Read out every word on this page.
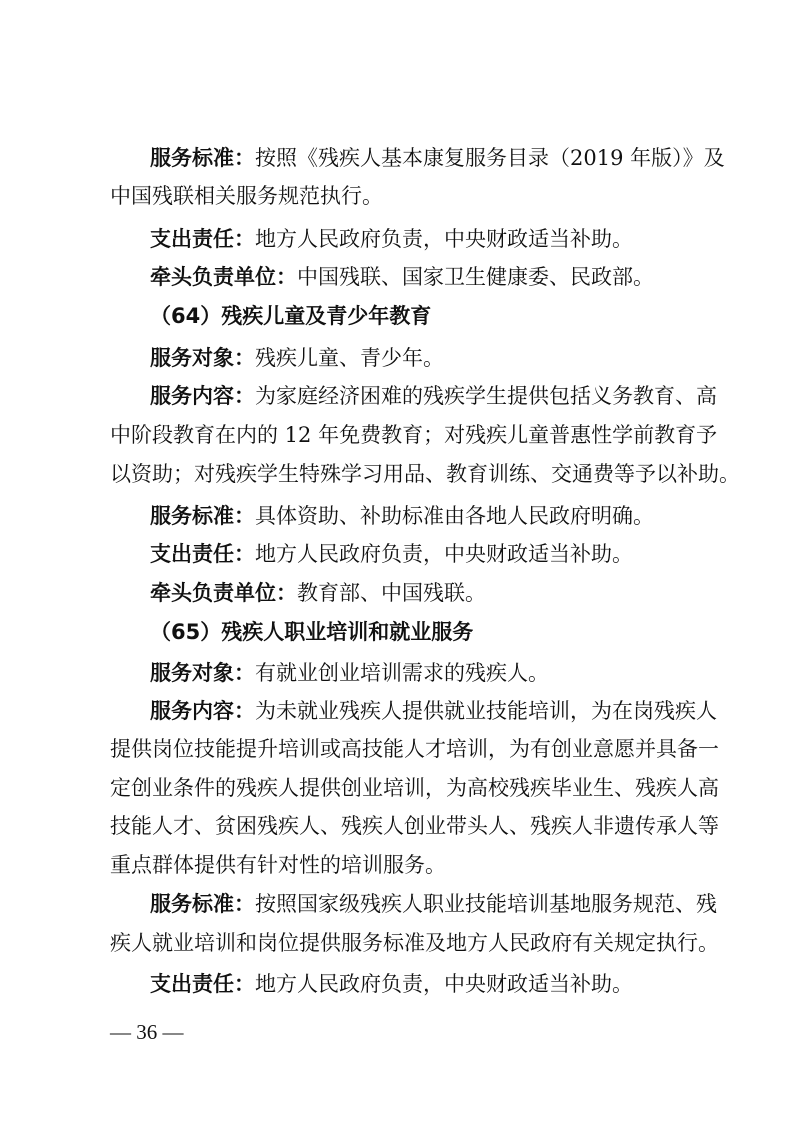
服务标准：按照《残疾人基本康复服务目录（2019 年版）》及
中国残联相关服务规范执行。
支出责任：地方人民政府负责，中央财政适当补助。
牵头负责单位：中国残联、国家卫生健康委、民政部。
（64）残疾儿童及青少年教育
服务对象：残疾儿童、青少年。
服务内容：为家庭经济困难的残疾学生提供包括义务教育、高
中阶段教育在内的 12 年免费教育；对残疾儿童普惠性学前教育予
以资助；对残疾学生特殊学习用品、教育训练、交通费等予以补助。
服务标准：具体资助、补助标准由各地人民政府明确。
支出责任：地方人民政府负责，中央财政适当补助。
牵头负责单位：教育部、中国残联。
（65）残疾人职业培训和就业服务
服务对象：有就业创业培训需求的残疾人。
服务内容：为未就业残疾人提供就业技能培训，为在岗残疾人
提供岗位技能提升培训或高技能人才培训，为有创业意愿并具备一
定创业条件的残疾人提供创业培训，为高校残疾毕业生、残疾人高
技能人才、贫困残疾人、残疾人创业带头人、残疾人非遗传承人等
重点群体提供有针对性的培训服务。
服务标准：按照国家级残疾人职业技能培训基地服务规范、残
疾人就业培训和岗位提供服务标准及地方人民政府有关规定执行。
支出责任：地方人民政府负责，中央财政适当补助。
— 36 —
